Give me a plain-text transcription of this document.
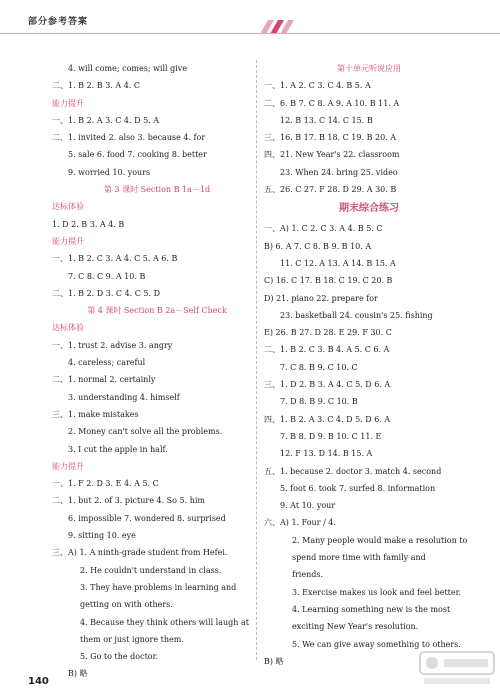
部分参考答案
4. will come; comes; will give
二、1. B 2. B 3. A 4. C
能力提升
一、1. B 2. A 3. C 4. D 5. A
二、1. invited 2. also 3. because 4. for
5. sale 6. food 7. cooking 8. better
9. worried 10. yours
第 3 课时 Section B 1a－1d
达标体验
1. D 2. B 3. A 4. B
能力提升
一、1. B 2. C 3. A 4. C 5. A 6. B
7. C 8. C 9. A 10. B
二、1. B 2. D 3. C 4. C 5. D
第 4 课时 Section B 2a－Self Check
达标体验
一、1. trust 2. advise 3. angry
4. careless; careful
二、1. normal 2. certainly
3. understanding 4. himself
三、1. make mistakes
2. Money can't solve all the problems.
3. I cut the apple in half.
能力提升
一、1. F 2. D 3. E 4. A 5. C
二、1. but 2. of 3. picture 4. So 5. him
6. impossible 7. wondered 8. surprised
9. sitting 10. eye
三、A) 1. A ninth-grade student from Hefei.
2. He couldn't understand in class.
3. They have problems in learning and
getting on with others.
4. Because they think others will laugh at
them or just ignore them.
5. Go to the doctor.
B) 略
第十单元听说应用
一、1. A 2. C 3. C 4. B 5. A
二、6. B 7. C 8. A 9. A 10. B 11. A
12. B 13. C 14. C 15. B
三、16. B 17. B 18. C 19. B 20. A
四、21. New Year's 22. classroom
23. When 24. bring 25. video
五、26. C 27. F 28. D 29. A 30. B
期末综合练习
一、A) 1. C 2. C 3. A 4. B 5. C
B) 6. A 7. C 8. B 9. B 10. A
11. C 12. A 13. A 14. B 15. A
C) 16. C 17. B 18. C 19. C 20. B
D) 21. piano 22. prepare for
23. basketball 24. cousin's 25. fishing
E) 26. B 27. D 28. E 29. F 30. C
二、1. B 2. C 3. B 4. A 5. C 6. A
7. C 8. B 9. C 10. C
三、1. D 2. B 3. A 4. C 5. D 6. A
7. D 8. B 9. C 10. B
四、1. B 2. A 3. C 4. D 5. D 6. A
7. B 8. D 9. B 10. C 11. E
12. F 13. D 14. B 15. A
五、1. because 2. doctor 3. match 4. second
5. foot 6. took 7. surfed 8. information
9. At 10. your
六、A) 1. Four / 4.
2. Many people would make a resolution to
spend more time with family and
friends.
3. Exercise makes us look and feel better.
4. Learning something new is the most
exciting New Year's resolution.
5. We can give away something to others.
B) 略
140
